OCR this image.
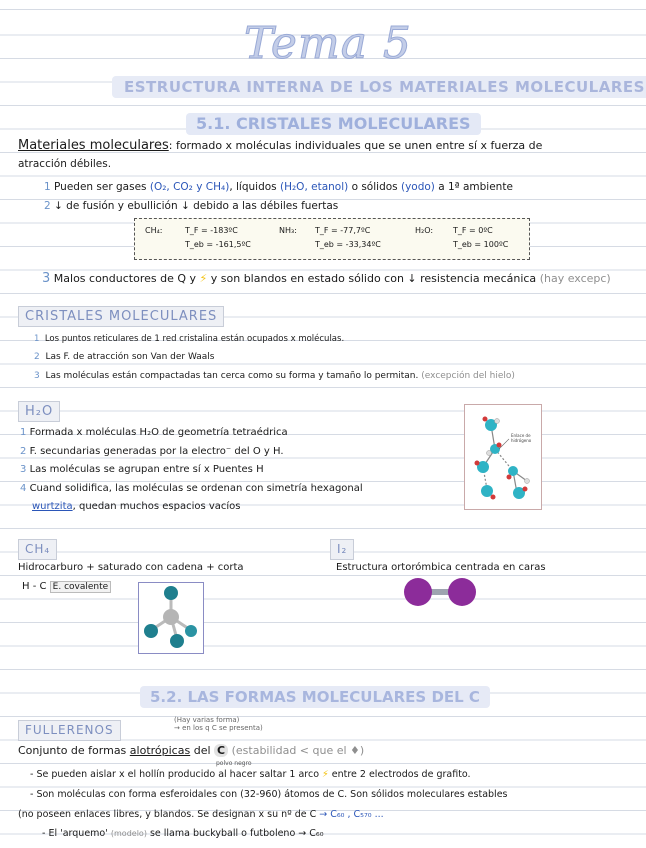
Tema 5
ESTRUCTURA INTERNA DE LOS MATERIALES MOLECULARES
5.1. CRISTALES MOLECULARES
Materiales moleculares: formado x moléculas individuales que se unen entre sí x fuerza de
atracción débiles.
1 Pueden ser gases (O₂, CO₂ y CH₄), líquidos (H₂O, etanol) o sólidos (yodo) a 1ª ambiente
2 ↓ de fusión y ebullición ↓ debido a las débiles fuertas
CH₄:	T_F = -183ºC
T_eb = -161,5ºC
NH₃: T_F = -77,7ºC
T_eb = -33,34ºC
H₂O: T_F = 0ºC
T_eb = 100ºC
3 Malos conductores de Q y ⚡ y son blandos en estado sólido con ↓ resistencia mecánica (hay excepc)
CRISTALES MOLECULARES
1 Los puntos reticulares de 1 red cristalina están ocupados x moléculas.
2 Las F. de atracción son Van der Waals
3 Las moléculas están compactadas tan cerca como su forma y tamaño lo permitan. (excepción del hielo)
H₂O
1 Formada x moléculas H₂O de geometría tetraédrica
2 F. secundarias generadas por la electro⁻ del O y H.
3 Las moléculas se agrupan entre sí x Puentes H
4 Cuand solidifica, las moléculas se ordenan con simetría hexagonal
wurtzita, quedan muchos espacios vacíos
Enlace de hidrógeno
CH₄
Hidrocarburo + saturado con cadena + corta
H - C E. covalente
I₂
Estructura ortorómbica centrada en caras
5.2. LAS FORMAS MOLECULARES DEL C
FULLERENOS
(Hay varias forma)
→ en los q C se presenta)
Conjunto de formas alotrópicas del C (estabilidad < que el ♦)
polvo negro
- Se pueden aislar x el hollín producido al hacer saltar 1 arco ⚡ entre 2 electrodos de grafito.
- Son moléculas con forma esferoidales con (32-960) átomos de C. Son sólidos moleculares estables
(no poseen enlaces libres, y blandos. Se designan x su nº de C → C₆₀ , C₅₇₀ ...
- El 'arquemo' (modelo) se llama buckyball o futboleno → C₆₀
